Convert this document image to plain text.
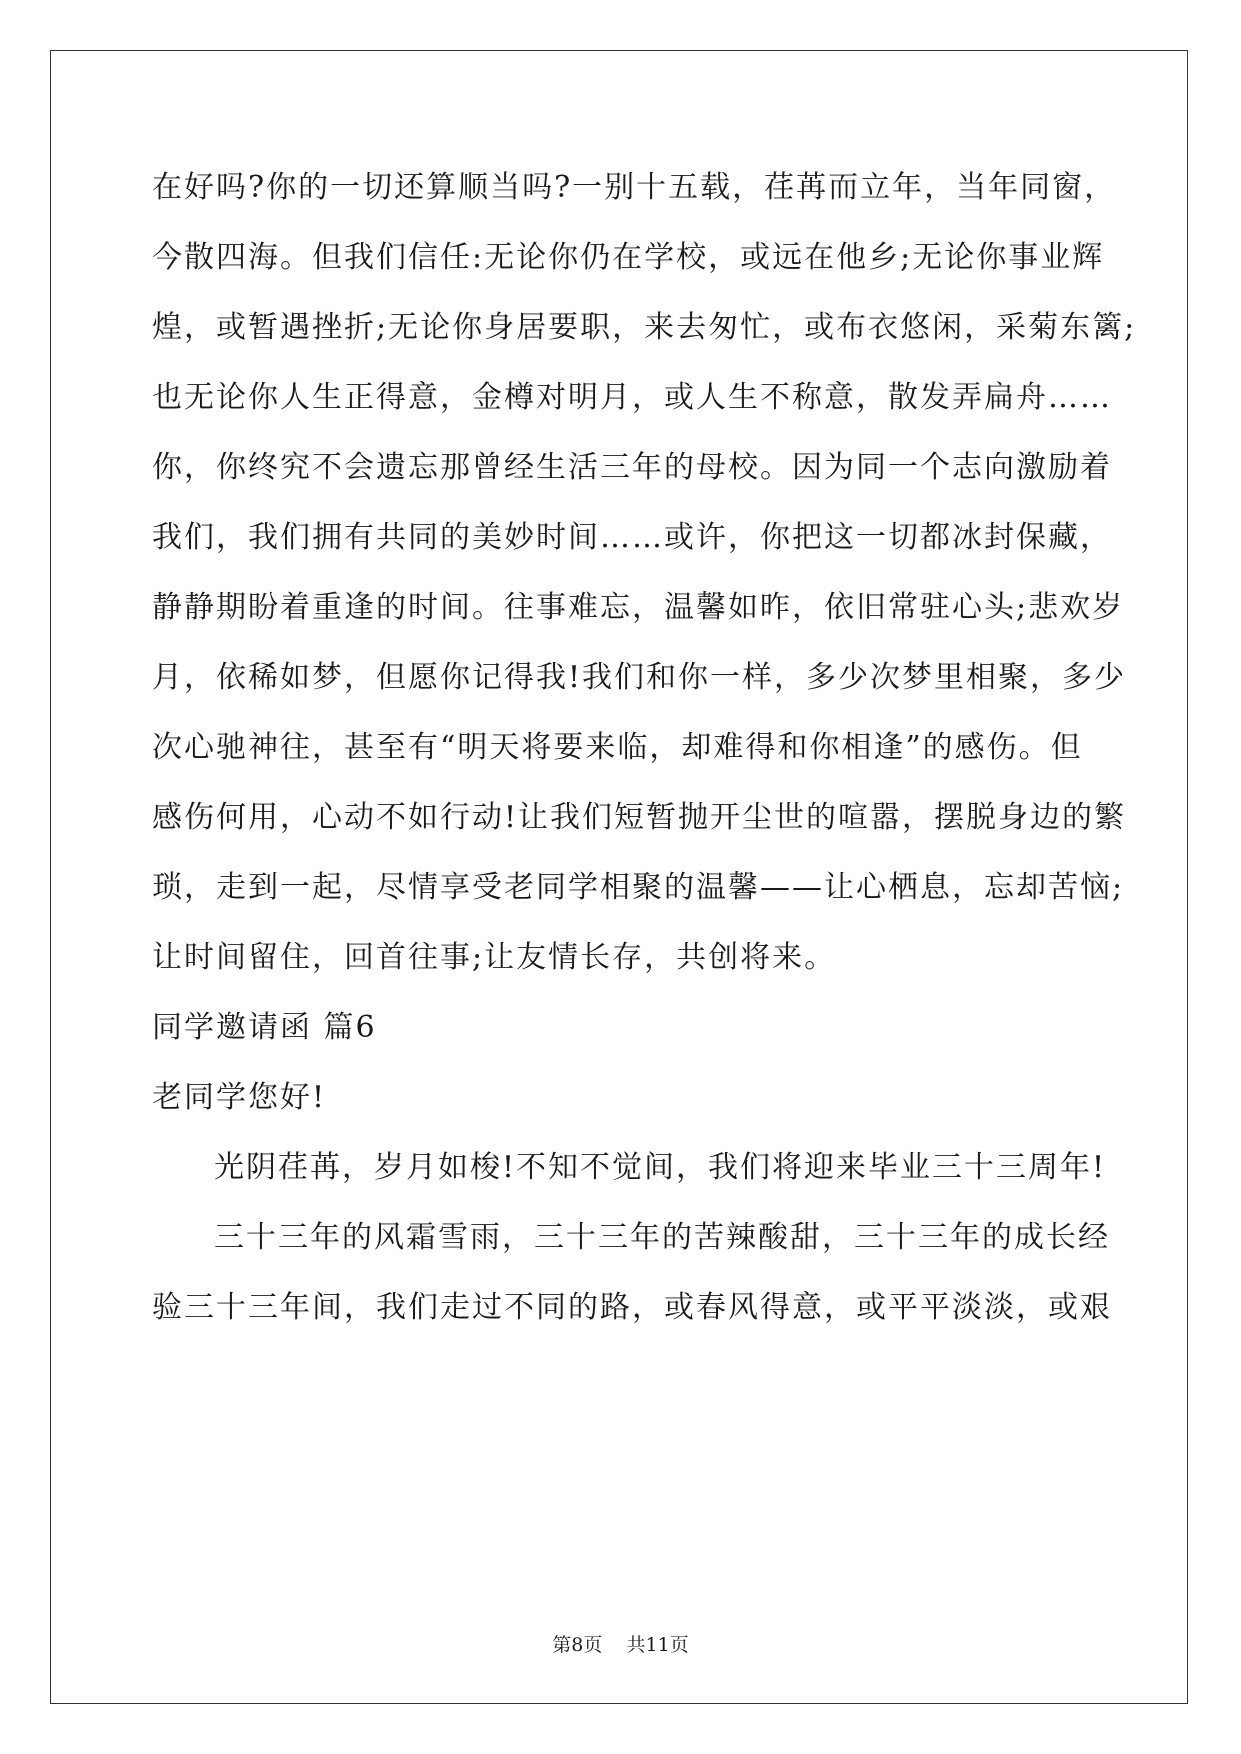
在好吗?你的一切还算顺当吗?一别十五载，荏苒而立年，当年同窗，
今散四海。但我们信任:无论你仍在学校，或远在他乡;无论你事业辉
煌，或暂遇挫折;无论你身居要职，来去匆忙，或布衣悠闲，采菊东篱;
也无论你人生正得意，金樽对明月，或人生不称意，散发弄扁舟……
你，你终究不会遗忘那曾经生活三年的母校。因为同一个志向激励着
我们，我们拥有共同的美妙时间……或许，你把这一切都冰封保藏，
静静期盼着重逢的时间。往事难忘，温馨如昨，依旧常驻心头;悲欢岁
月，依稀如梦，但愿你记得我!我们和你一样，多少次梦里相聚，多少
次心驰神往，甚至有“明天将要来临，却难得和你相逢”的感伤。但
感伤何用，心动不如行动!让我们短暂抛开尘世的喧嚣，摆脱身边的繁
琐，走到一起，尽情享受老同学相聚的温馨——让心栖息，忘却苦恼;
让时间留住，回首往事;让友情长存，共创将来。
同学邀请函 篇6
老同学您好!
光阴荏苒，岁月如梭!不知不觉间，我们将迎来毕业三十三周年!
三十三年的风霜雪雨，三十三年的苦辣酸甜，三十三年的成长经
验三十三年间，我们走过不同的路，或春风得意，或平平淡淡，或艰
第8页    共11页
